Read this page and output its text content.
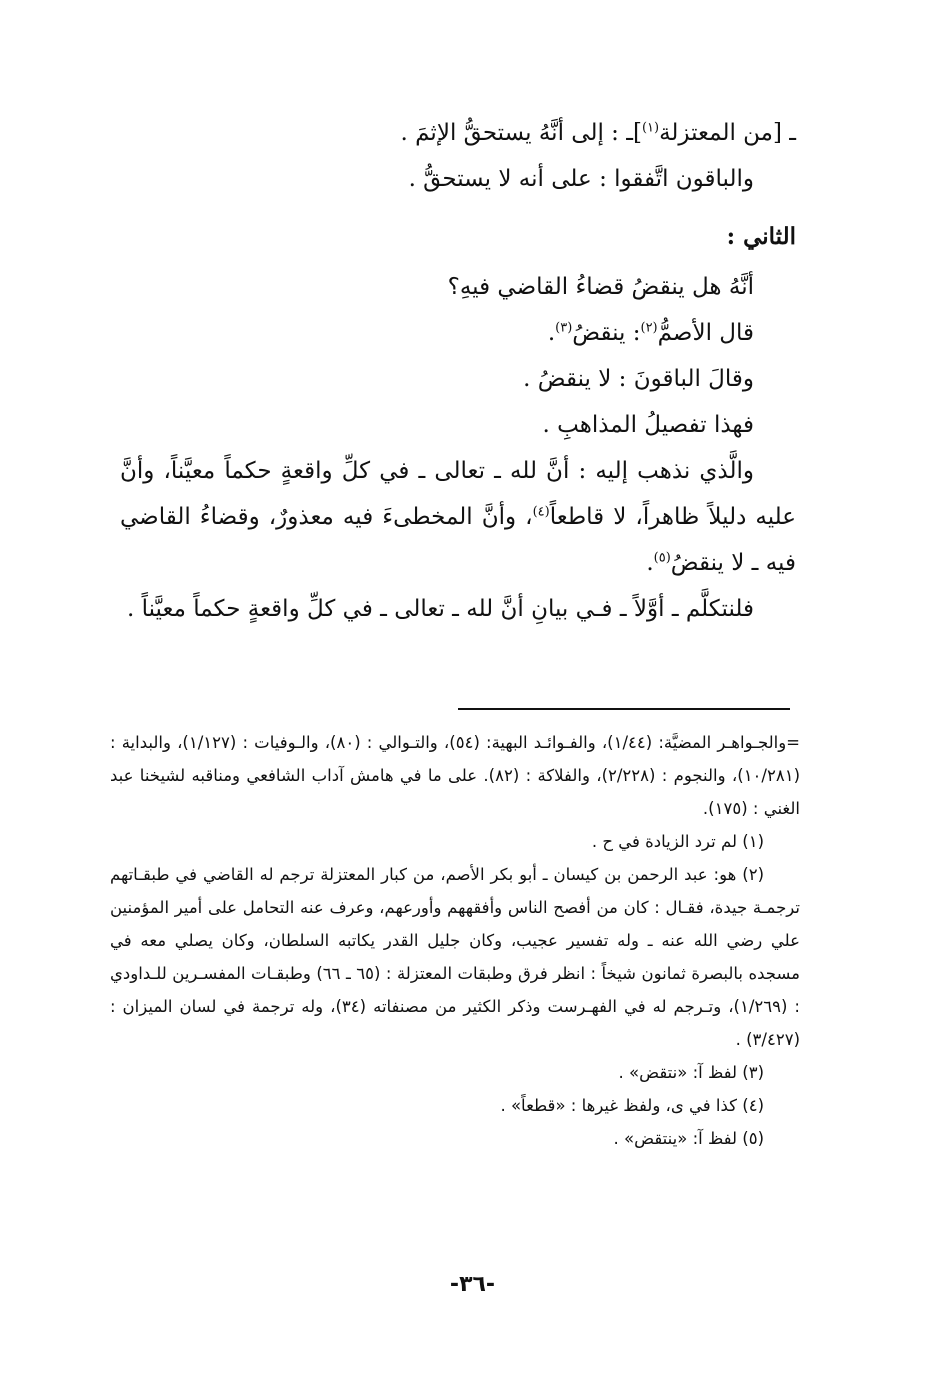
ـ [من المعتزلة$^{(١)}$]ـ : إلى أنَّهُ يستحقُّ الإثمَ .

والباقون اتَّفقوا : على أنه لا يستحقُّ .

الثاني :

أنَّهُ هل ينقضُ قضاءُ القاضي فيهِ؟

قال الأصمُّ$^{(٢)}$: ينقضُ$^{(٣)}$.

وقالَ الباقونَ : لا ينقضُ .

فهذا تفصيلُ المذاهبِ .

والَّذي نذهب إليه : أنَّ لله ـ تعالى ـ في كلِّ واقعةٍ حكماً معيَّناً، وأنَّ عليه دليلاً ظاهراً، لا قاطعاً$^{(٤)}$، وأنَّ المخطىءَ فيه معذورٌ، وقضاءُ القاضي فيه ـ لا ينقضُ$^{(٥)}$.

فلنتكلَّم ـ أوَّلاً ـ فـي بيانِ أنَّ لله ـ تعالى ـ في كلِّ واقعةٍ حكماً معيَّناً .

=والجـواهـر المضيَّة: (١/٤٤)، والفـوائـد البهية: (٥٤)، والتـوالي : (٨٠)، والـوفيات : (١/١٢٧)، والبداية : (١٠/٢٨١)، والنجوم : (٢/٢٢٨)، والفلاكة : (٨٢). على ما في هامش آداب الشافعي ومناقبه لشيخنا عبد الغني : (١٧٥).

(١) لم ترد الزيادة في ح .

(٢) هو: عبد الرحمن بن كيسان ـ أبو بكر الأصم، من كبار المعتزلة ترجم له القاضي في طبقـاتهم ترجمـة جيدة، فقـال : كان من أفصح الناس وأفقههم وأورعهم، وعرف عنه التحامل على أمير المؤمنين علي رضي الله عنه ـ وله تفسير عجيب، وكان جليل القدر يكاتبه السلطان، وكان يصلي معه في مسجده بالبصرة ثمانون شيخاً : انظر فرق وطبقات المعتزلة : (٦٥ ـ ٦٦) وطبقـات المفسـرين للـداودي : (١/٢٦٩)، وتـرجم له في الفهـرست وذكر الكثير من مصنفاته (٣٤)، وله ترجمة في لسان الميزان : (٣/٤٢٧) .

(٣) لفظ آ: «نتقض» .

(٤) كذا في ى، ولفظ غيرها : «قطعاً» .

(٥) لفظ آ: «ينتقض» .

-٣٦-
